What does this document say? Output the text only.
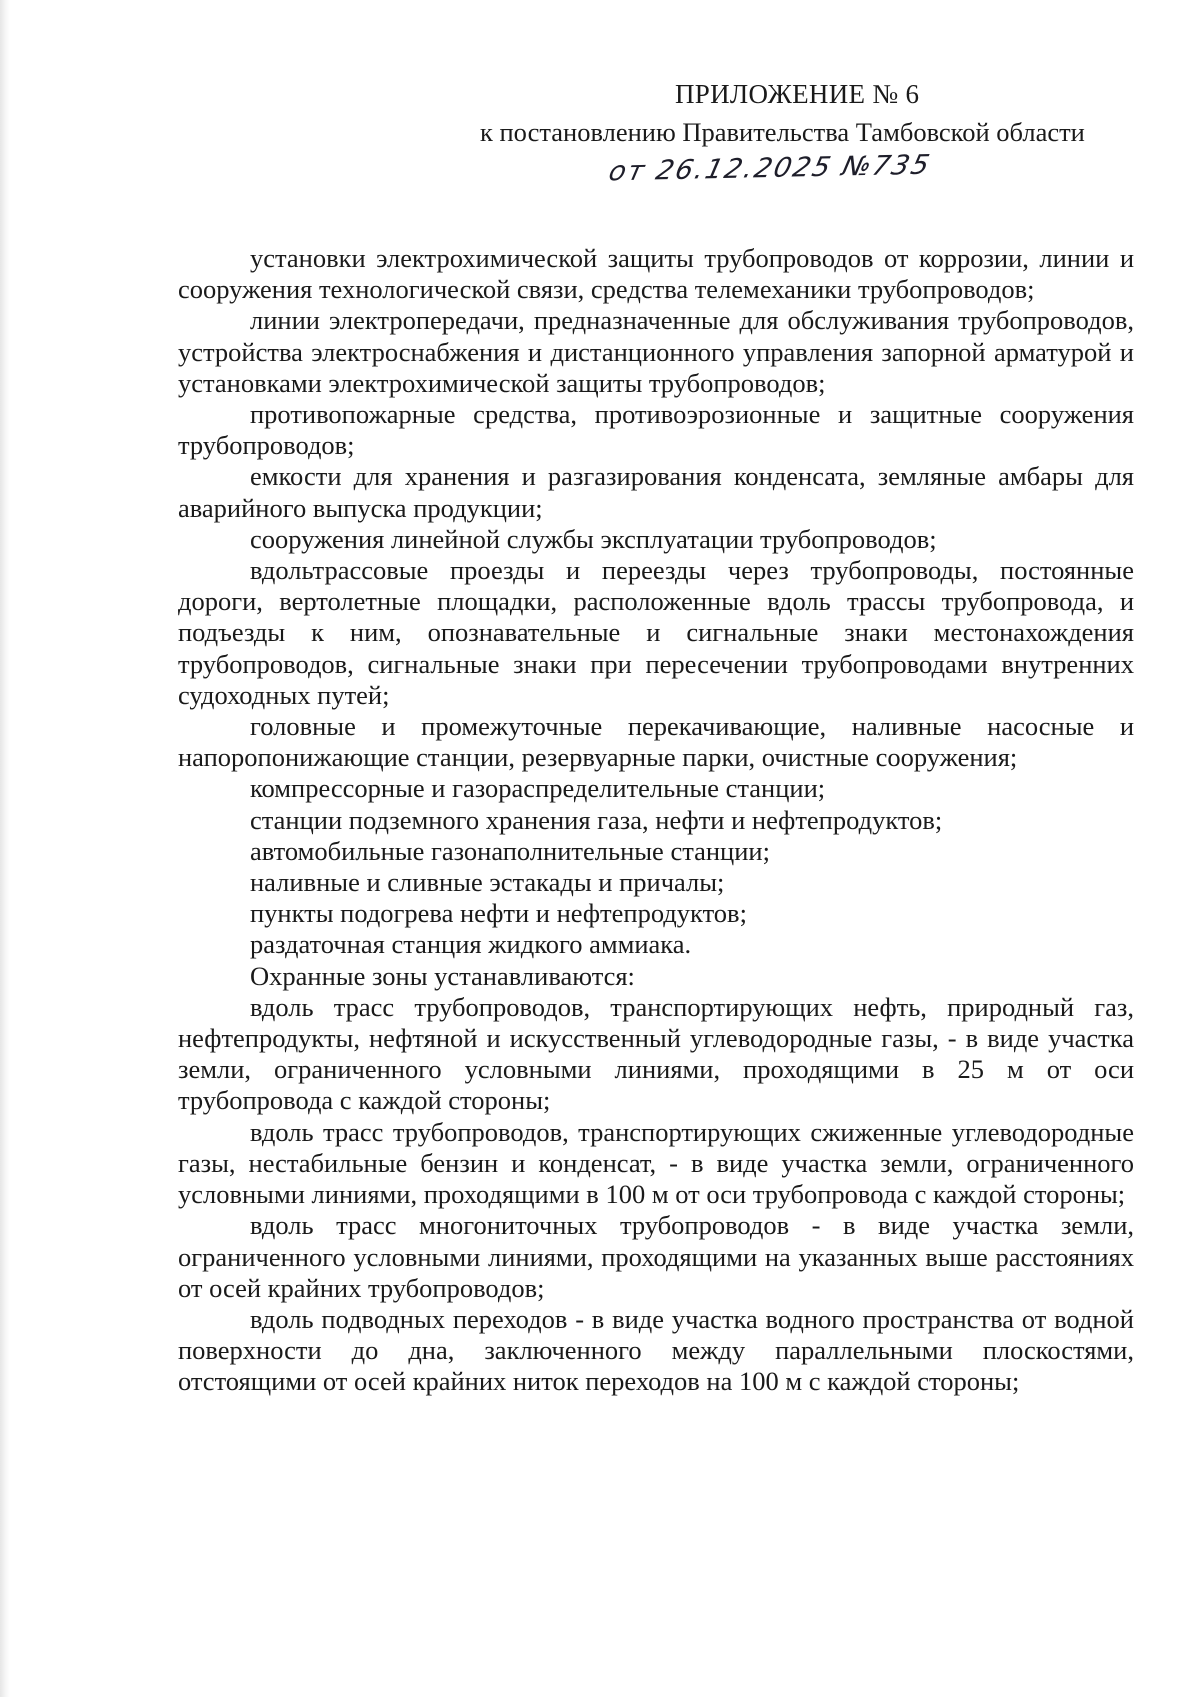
ПРИЛОЖЕНИЕ № 6
к постановлению Правительства Тамбовской области
от 26.12.2025 №735

установки электрохимической защиты трубопроводов от коррозии, линии и сооружения технологической связи, средства телемеханики трубопроводов;

линии электропередачи, предназначенные для обслуживания трубопроводов, устройства электроснабжения и дистанционного управления запорной арматурой и установками электрохимической защиты трубопроводов;

противопожарные средства, противоэрозионные и защитные сооружения трубопроводов;

емкости для хранения и разгазирования конденсата, земляные амбары для аварийного выпуска продукции;

сооружения линейной службы эксплуатации трубопроводов;

вдольтрассовые проезды и переезды через трубопроводы, постоянные дороги, вертолетные площадки, расположенные вдоль трассы трубопровода, и подъезды к ним, опознавательные и сигнальные знаки местонахождения трубопроводов, сигнальные знаки при пересечении трубопроводами внутренних судоходных путей;

головные и промежуточные перекачивающие, наливные насосные и напоропонижающие станции, резервуарные парки, очистные сооружения;

компрессорные и газораспределительные станции;

станции подземного хранения газа, нефти и нефтепродуктов;

автомобильные газонаполнительные станции;

наливные и сливные эстакады и причалы;

пункты подогрева нефти и нефтепродуктов;

раздаточная станция жидкого аммиака.

Охранные зоны устанавливаются:

вдоль трасс трубопроводов, транспортирующих нефть, природный газ, нефтепродукты, нефтяной и искусственный углеводородные газы, - в виде участка земли, ограниченного условными линиями, проходящими в 25 м от оси трубопровода с каждой стороны;

вдоль трасс трубопроводов, транспортирующих сжиженные углеводородные газы, нестабильные бензин и конденсат, - в виде участка земли, ограниченного условными линиями, проходящими в 100 м от оси трубопровода с каждой стороны;

вдоль трасс многониточных трубопроводов - в виде участка земли, ограниченного условными линиями, проходящими на указанных выше расстояниях от осей крайних трубопроводов;

вдоль подводных переходов - в виде участка водного пространства от водной поверхности до дна, заключенного между параллельными плоскостями, отстоящими от осей крайних ниток переходов на 100 м с каждой стороны;
